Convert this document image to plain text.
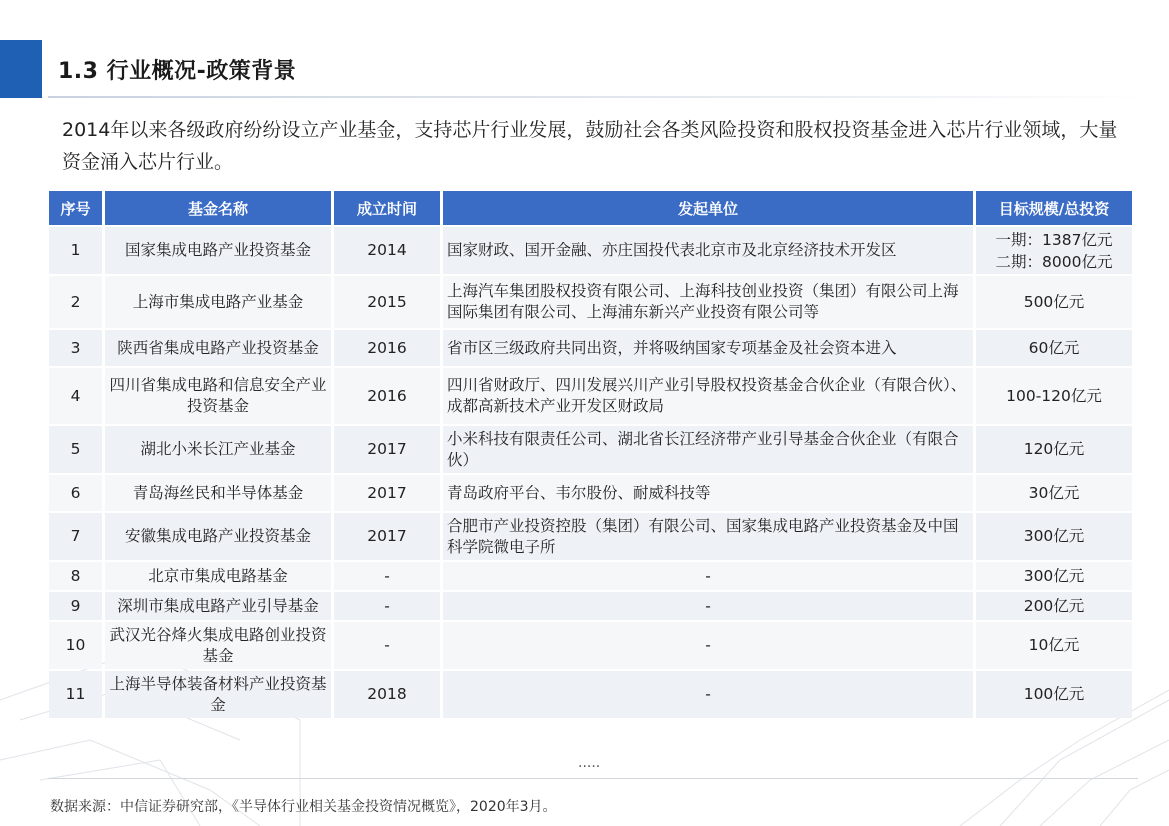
1.3 行业概况-政策背景
2014年以来各级政府纷纷设立产业基金，支持芯片行业发展，鼓励社会各类风险投资和股权投资基金进入芯片行业领域，大量资金涌入芯片行业。
序号	基金名称	成立时间	发起单位	目标规模/总投资
1	国家集成电路产业投资基金	2014	国家财政、国开金融、亦庄国投代表北京市及北京经济技术开发区	一期：1387亿元
二期：8000亿元
2	上海市集成电路产业基金	2015	上海汽车集团股权投资有限公司、上海科技创业投资（集团）有限公司上海国际集团有限公司、上海浦东新兴产业投资有限公司等	500亿元
3	陕西省集成电路产业投资基金	2016	省市区三级政府共同出资，并将吸纳国家专项基金及社会资本进入	60亿元
4	四川省集成电路和信息安全产业投资基金	2016	四川省财政厅、四川发展兴川产业引导股权投资基金合伙企业（有限合伙）、成都高新技术产业开发区财政局	100-120亿元
5	湖北小米长江产业基金	2017	小米科技有限责任公司、湖北省长江经济带产业引导基金合伙企业（有限合伙）	120亿元
6	青岛海丝民和半导体基金	2017	青岛政府平台、韦尔股份、耐威科技等	30亿元
7	安徽集成电路产业投资基金	2017	合肥市产业投资控股（集团）有限公司、国家集成电路产业投资基金及中国科学院微电子所	300亿元
8	北京市集成电路基金	-	-	300亿元
9	深圳市集成电路产业引导基金	-	-	200亿元
10	武汉光谷烽火集成电路创业投资基金	-	-	10亿元
11	上海半导体装备材料产业投资基金	2018	-	100亿元
.....
数据来源：中信证券研究部，《半导体行业相关基金投资情况概览》，2020年3月。
